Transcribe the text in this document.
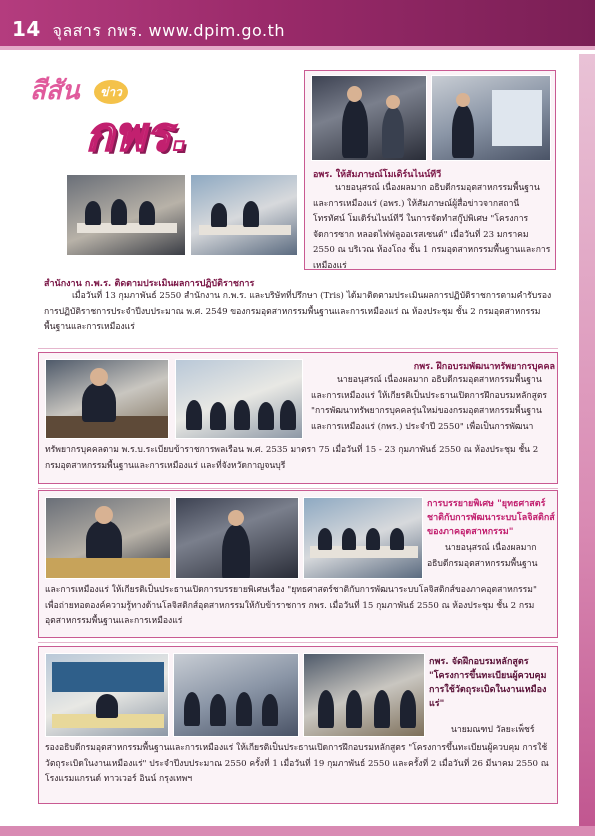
14 จุลสาร กพร. www.dpim.go.th
สีสัน	ข่าว
กพร.
อพร. ให้สัมภาษณ์โมเดิร์นไนน์ทีวี
นายอนุสรณ์ เนื่องผลมาก อธิบดีกรมอุตสาหกรรมพื้นฐาน และการเหมืองแร่ (อพร.) ให้สัมภาษณ์ผู้สื่อข่าวจากสถานีโทรทัศน์ โมเดิร์นไนน์ทีวี ในการจัดทำสกู๊ปพิเศษ "โครงการจัดการซาก หลอดไฟฟลูออเรสเซนต์" เมื่อวันที่ 23 มกราคม 2550 ณ บริเวณ ห้องโถง ชั้น 1 กรมอุตสาหกรรมพื้นฐานและการเหมืองแร่
สำนักงาน ก.พ.ร. ติดตามประเมินผลการปฏิบัติราชการ
เมื่อวันที่ 13 กุมภาพันธ์ 2550 สำนักงาน ก.พ.ร. และบริษัทที่ปรึกษา (Tris) ได้มาติดตามประเมินผลการปฏิบัติราชการตามคำรับรอง การปฏิบัติราชการประจำปีงบประมาณ พ.ศ. 2549 ของกรมอุตสาหกรรมพื้นฐานและการเหมืองแร่ ณ ห้องประชุม ชั้น 2 กรมอุตสาหกรรม พื้นฐานและการเหมืองแร่
กพร. ฝึกอบรมพัฒนาทรัพยากรบุคคล
นายอนุสรณ์ เนื่องผลมาก อธิบดีกรมอุตสาหกรรมพื้นฐาน และการเหมืองแร่ ให้เกียรติเป็นประธานเปิดการฝึกอบรมหลักสูตร "การพัฒนาทรัพยากรบุคคลรุ่นใหม่ของกรมอุตสาหกรรมพื้นฐาน และการเหมืองแร่ (กพร.) ประจำปี 2550" เพื่อเป็นการพัฒนา
ทรัพยากรบุคคลตาม พ.ร.บ.ระเบียบข้าราชการพลเรือน พ.ศ. 2535 มาตรา 75 เมื่อวันที่ 15 - 23 กุมภาพันธ์ 2550 ณ ห้องประชุม ชั้น 2 กรมอุตสาหกรรมพื้นฐานและการเหมืองแร่ และที่จังหวัดกาญจนบุรี
การบรรยายพิเศษ "ยุทธศาสตร์ชาติกับการพัฒนาระบบโลจิสติกส์ของภาคอุตสาหกรรม"
นายอนุสรณ์ เนื่องผลมาก อธิบดีกรมอุตสาหกรรมพื้นฐาน
และการเหมืองแร่ ให้เกียรติเป็นประธานเปิดการบรรยายพิเศษเรื่อง "ยุทธศาสตร์ชาติกับการพัฒนาระบบโลจิสติกส์ของภาคอุตสาหกรรม" เพื่อถ่ายทอดองค์ความรู้ทางด้านโลจิสติกส์อุตสาหกรรมให้กับข้าราชการ กพร. เมื่อวันที่ 15 กุมภาพันธ์ 2550 ณ ห้องประชุม ชั้น 2 กรมอุตสาหกรรมพื้นฐานและการเหมืองแร่
กพร. จัดฝึกอบรมหลักสูตร "โครงการขึ้นทะเบียนผู้ควบคุมการใช้วัตถุระเบิดในงานเหมืองแร่"
นายมณฑป วัลยะเพ็ชร์
รองอธิบดีกรมอุตสาหกรรมพื้นฐานและการเหมืองแร่ ให้เกียรติเป็นประธานเปิดการฝึกอบรมหลักสูตร "โครงการขึ้นทะเบียนผู้ควบคุม การใช้วัตถุระเบิดในงานเหมืองแร่" ประจำปีงบประมาณ 2550 ครั้งที่ 1 เมื่อวันที่ 19 กุมภาพันธ์ 2550 และครั้งที่ 2 เมื่อวันที่ 26 มีนาคม 2550 ณ โรงแรมแกรนด์ ทาวเวอร์ อินน์ กรุงเทพฯ
